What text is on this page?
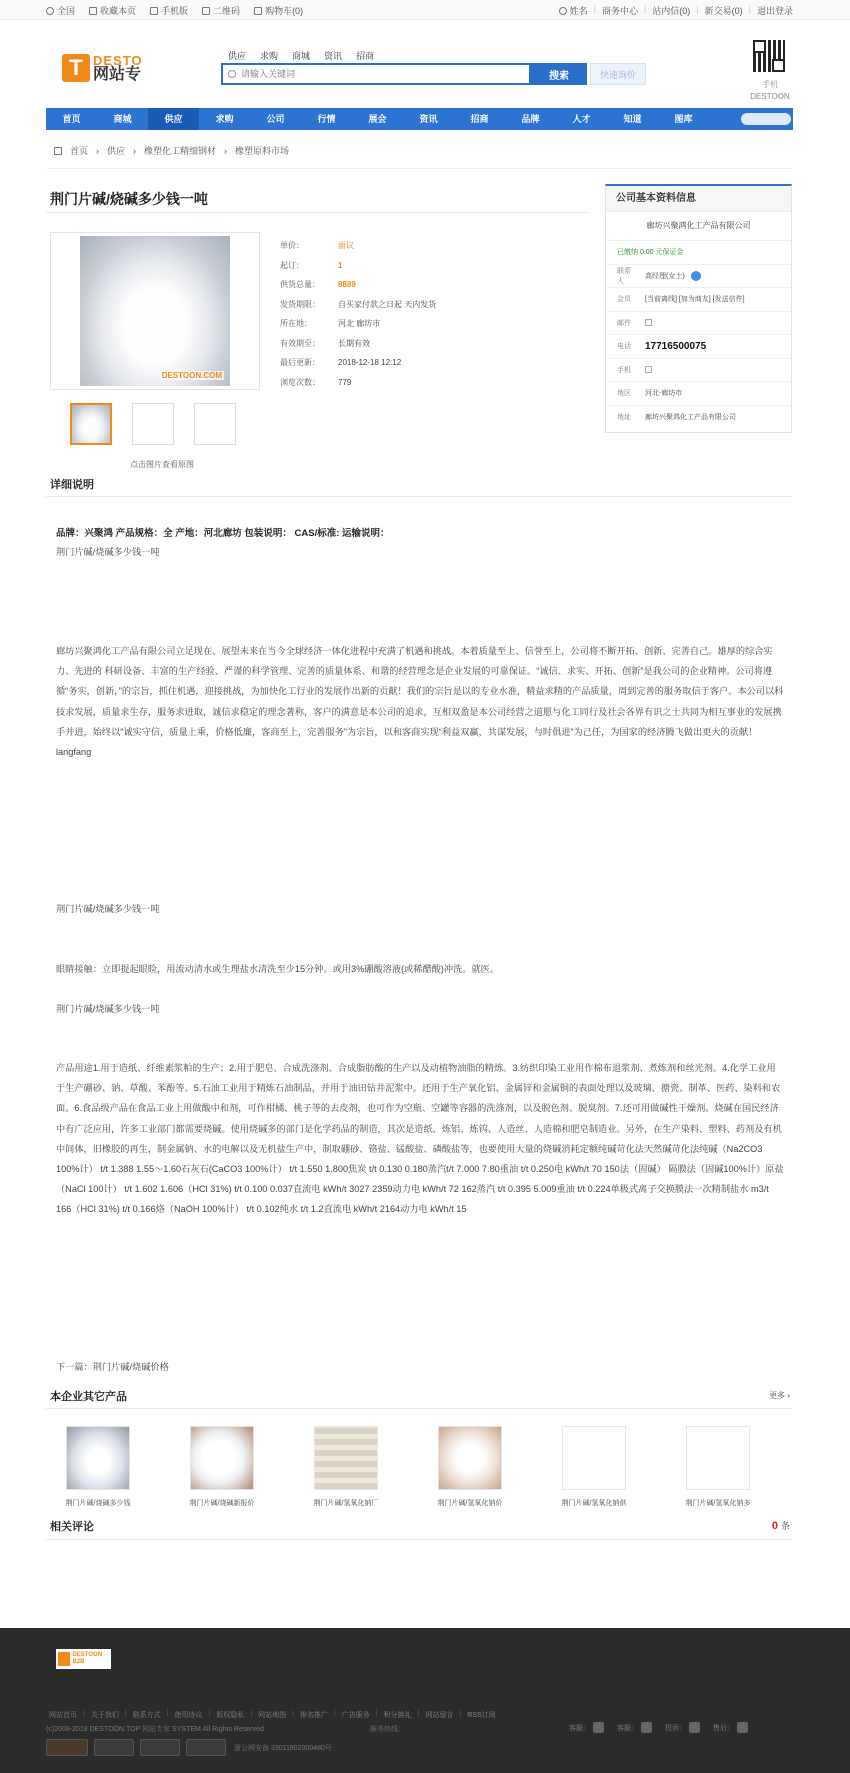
全国	收藏本页	手机版	二维码	购物车(0)	姓名 | 商务中心 | 站内信(0) | 新交易(0) | 退出登录
T DESTO
网站专
供应 求购 商城 资讯 招商
请输入关键词
搜索	快速询价
手机DESTOON
首页	商城	供应	求购	公司	行情	展会	资讯	招商	品牌	人才	知道	图库
首页 › 供应 › 橡塑化工精细钢材 › 橡塑原料市场
荆门片碱/烧碱多少钱一吨
DESTOON.COM
点击图片查看原图
单价：	面议
起订：	1
供货总量：	8889
发货期限：	自买家付款之日起 天内发货
所在地：	河北 廊坊市
有效期至：	长期有效
最后更新：	2018-12-18 12:12
浏览次数：	779
公司基本资料信息
廊坊兴聚鸿化工产品有限公司
已缴纳 0.00 元保证金
联系人
高经理(女士)
会员	[当前离线] [加为商友] [发送信件]
邮件
电话	17716500075
手机
地区	河北-廊坊市
地址	廊坊兴聚鸿化工产品有限公司
详细说明
品牌：兴聚鸿 产品规格：全 产地：河北廊坊 包装说明： CAS/标准: 运输说明：
荆门片碱/烧碱多少钱一吨
廊坊兴聚鸿化工产品有限公司立足现在、展望未来在当今全球经济一体化进程中充满了机遇和挑战。本着质量至上、信誉至上，公司将不断开拓、创新、完善自己。雄厚的综合实力、先进的 科研设备、丰富的生产经验、严谨的科学管理、完善的质量体系、和谐的经营理念是企业发展的可靠保证。“诚信、求实、开拓、创新”是我公司的企业精神。公司将遵循“务实，创新，”的宗旨，抓住机遇，迎接挑战，为加快化工行业的发展作出新的贡献！我们的宗旨是以的专业水准，精益求精的产品质量，周到完善的服务取信于客户。本公司以科技求发展，质量求生存，服务求进取，诚信求稳定的理念著称，客户的满意是本公司的追求，互相双盈是本公司经营之道愿与化工同行及社会各界有识之士共同为相互事业的发展携手并进，始终以“诚实守信，质量上乘，价格低廉，客商至上，完善服务”为宗旨，以和客商实现“利益双赢，共谋发展，与时俱进”为己任，为国家的经济腾飞做出更大的贡献！langfang
荆门片碱/烧碱多少钱一吨
眼睛接触：立即提起眼睑，用流动清水或生理盐水清洗至少15分钟。或用3%硼酸溶液(或稀醋酸)冲洗。就医。
荆门片碱/烧碱多少钱一吨
产品用途1.用于造纸、纤维素浆粕的生产；2.用于肥皂、合成洗涤剂、合成脂肪酸的生产以及动植物油脂的精炼。3.纺织印染工业用作棉布退浆剂、煮炼剂和丝光剂。4.化学工业用于生产硼砂、钠、草酸、苯酚等。5.石油工业用于精炼石油制品，并用于油田钻井泥浆中。还用于生产氧化铝、金属锌和金属铜的表面处理以及玻璃、搪瓷、制革、医药、染料和农面。6.食品级产品在食品工业上用做酸中和剂，可作柑橘、桃子等的去皮剂，也可作为空瓶、空罐等容器的洗涤剂，以及脱色剂、脱臭剂。7.还可用做碱性干燥剂。烧碱在国民经济中有广泛应用，许多工业部门都需要烧碱。使用烧碱多的部门是化学药品的制造，其次是造纸、炼铝、炼钨、人造丝、人造棉和肥皂制造业。另外，在生产染料、塑料、药剂及有机中间体，旧橡胶的再生，制金属钠、水的电解以及无机盐生产中，制取硼砂、铬盐、锰酸盐、磷酸盐等，也要使用大量的烧碱消耗定额纯碱苛化法天然碱苛化法纯碱（Na2CO3 100%计） t/t 1.388 1.55～1.60石灰石(CaCO3 100%计） t/t 1.550 1.800焦炭 t/t 0.130 0.180蒸汽t/t 7.000 7.80重油 t/t 0.250电 kWh/t 70 150法（固碱） 隔膜法（固碱100%计）原盐（NaCl 100计） t/t 1.602 1.606（HCl 31%) t/t 0.100 0.037直流电 kWh/t 3027 2359动力电 kWh/t 72 162蒸汽 t/t 0.395 5.009重油 t/t 0.224单极式离子交换膜法一次精制盐水 m3/t 166（HCl 31%) t/t 0.166烙（NaOH 100%计） t/t 0.102纯水 t/t 1.2直流电 kWh/t 2164动力电 kWh/t 15
下一篇：荆门片碱/烧碱价格
本企业其它产品	更多 ›
荆门片碱/烧碱多少钱	荆门片碱/烧碱新报价	荆门片碱/氢氧化钠厂	荆门片碱/氢氧化钠价	荆门片碱/氢氧化钠供	荆门片碱/氢氧化钠多
相关评论	0 条
DESTOON B2B
网站首页 | 关于我们 | 联系方式 | 使用协议 | 版权隐私 | 网站地图 | 排名推广 | 广告服务 | 积分换礼 | 网站留言 | RSS订阅
(c)2008-2018 DESTOON.TOP 网站专家 SYSTEM All Rights Reserved	服务热线：	客服：	客服：	投诉：	售后：
浙公网安备 33011802000480号
